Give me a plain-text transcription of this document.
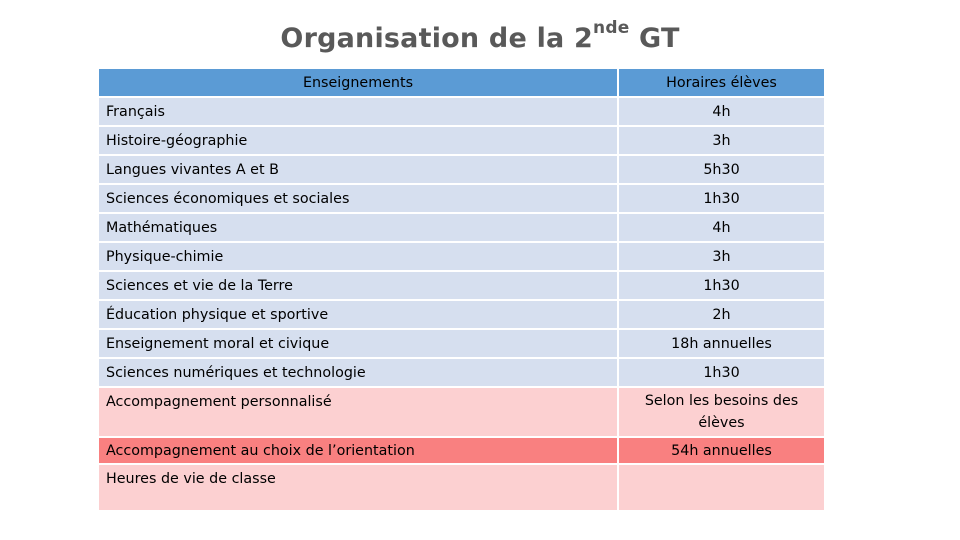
Organisation de la 2nde GT
Enseignements	Horaires élèves
Français	4h
Histoire-géographie	3h
Langues vivantes A et B	5h30
Sciences économiques et sociales	1h30
Mathématiques	4h
Physique-chimie	3h
Sciences et vie de la Terre	1h30
Éducation physique et sportive	2h
Enseignement moral et civique	18h annuelles
Sciences numériques et technologie	1h30
Accompagnement personnalisé	Selon les besoins des élèves
Accompagnement au choix de l’orientation	54h annuelles
Heures de vie de classe	
